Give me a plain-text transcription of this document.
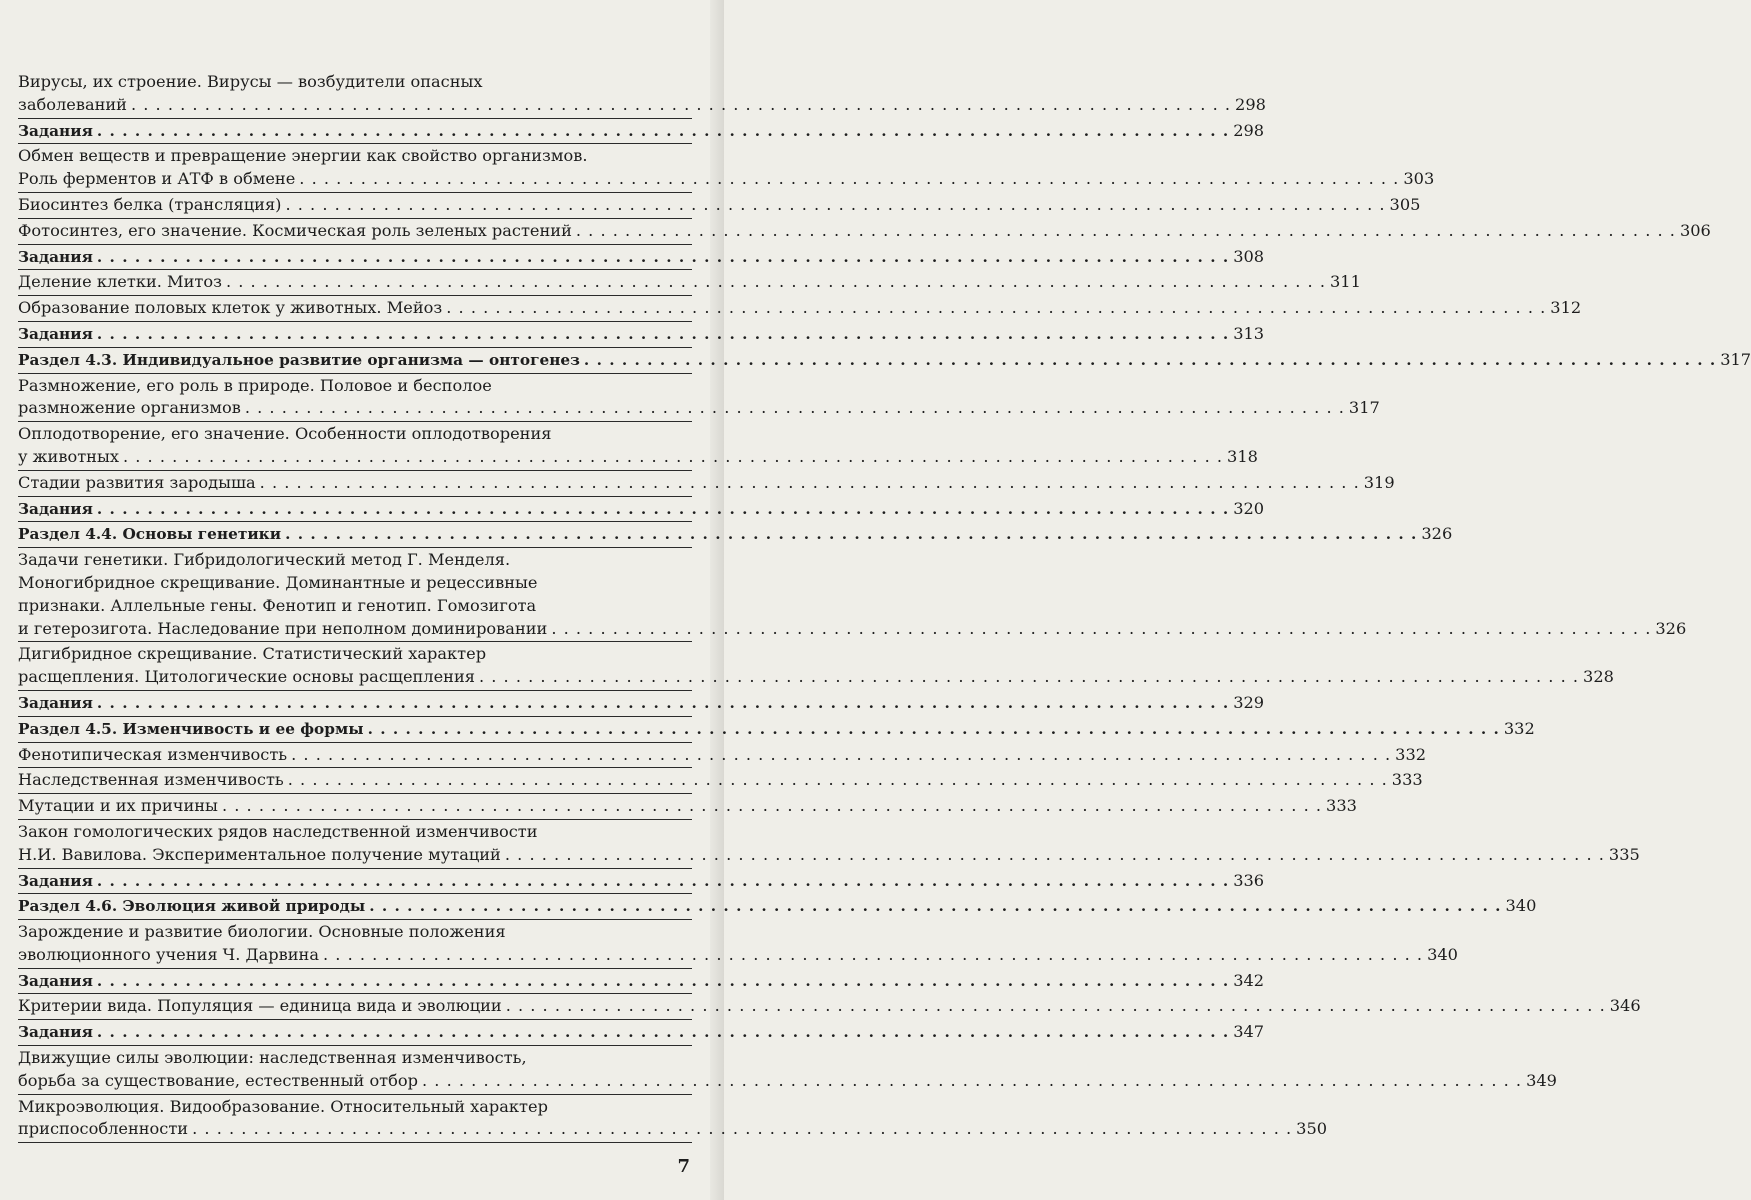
Вирусы, их строение. Вирусы — возбудители опасных
заболеваний . . . . . . . . . . . . . . . . . . . . . . . . . . . . . . . . . . . . . . . . . . . . . . . . . . . . . . . . . . . . . . . . . . . . . . . . . . . . . . . . . . . . . . . . . . 298
Задания . . . . . . . . . . . . . . . . . . . . . . . . . . . . . . . . . . . . . . . . . . . . . . . . . . . . . . . . . . . . . . . . . . . . . . . . . . . . . . . . . . . . . . . . . . 298
Обмен веществ и превращение энергии как свойство организмов.
Роль ферментов и АТФ в обмене . . . . . . . . . . . . . . . . . . . . . . . . . . . . . . . . . . . . . . . . . . . . . . . . . . . . . . . . . . . . . . . . . . . . . . . . . . . . . . . . . . . . . . . . . . 303
Биосинтез белка (трансляция) . . . . . . . . . . . . . . . . . . . . . . . . . . . . . . . . . . . . . . . . . . . . . . . . . . . . . . . . . . . . . . . . . . . . . . . . . . . . . . . . . . . . . . . . . . 305
Фотосинтез, его значение. Космическая роль зеленых растений . . . . . . . . . . . . . . . . . . . . . . . . . . . . . . . . . . . . . . . . . . . . . . . . . . . . . . . . . . . . . . . . . . . . . . . . . . . . . . . . . . . . . . . . . . 306
Задания . . . . . . . . . . . . . . . . . . . . . . . . . . . . . . . . . . . . . . . . . . . . . . . . . . . . . . . . . . . . . . . . . . . . . . . . . . . . . . . . . . . . . . . . . . 308
Деление клетки. Митоз . . . . . . . . . . . . . . . . . . . . . . . . . . . . . . . . . . . . . . . . . . . . . . . . . . . . . . . . . . . . . . . . . . . . . . . . . . . . . . . . . . . . . . . . . . 311
Образование половых клеток у животных. Мейоз . . . . . . . . . . . . . . . . . . . . . . . . . . . . . . . . . . . . . . . . . . . . . . . . . . . . . . . . . . . . . . . . . . . . . . . . . . . . . . . . . . . . . . . . . . 312
Задания . . . . . . . . . . . . . . . . . . . . . . . . . . . . . . . . . . . . . . . . . . . . . . . . . . . . . . . . . . . . . . . . . . . . . . . . . . . . . . . . . . . . . . . . . . 313
Раздел 4.3. Индивидуальное развитие организма — онтогенез . . . . . . . . . . . . . . . . . . . . . . . . . . . . . . . . . . . . . . . . . . . . . . . . . . . . . . . . . . . . . . . . . . . . . . . . . . . . . . . . . . . . . . . . . . 317
Размножение, его роль в природе. Половое и бесполое
размножение организмов . . . . . . . . . . . . . . . . . . . . . . . . . . . . . . . . . . . . . . . . . . . . . . . . . . . . . . . . . . . . . . . . . . . . . . . . . . . . . . . . . . . . . . . . . . 317
Оплодотворение, его значение. Особенности оплодотворения
у животных . . . . . . . . . . . . . . . . . . . . . . . . . . . . . . . . . . . . . . . . . . . . . . . . . . . . . . . . . . . . . . . . . . . . . . . . . . . . . . . . . . . . . . . . . . 318
Стадии развития зародыша . . . . . . . . . . . . . . . . . . . . . . . . . . . . . . . . . . . . . . . . . . . . . . . . . . . . . . . . . . . . . . . . . . . . . . . . . . . . . . . . . . . . . . . . . . 319
Задания . . . . . . . . . . . . . . . . . . . . . . . . . . . . . . . . . . . . . . . . . . . . . . . . . . . . . . . . . . . . . . . . . . . . . . . . . . . . . . . . . . . . . . . . . . 320
Раздел 4.4. Основы генетики . . . . . . . . . . . . . . . . . . . . . . . . . . . . . . . . . . . . . . . . . . . . . . . . . . . . . . . . . . . . . . . . . . . . . . . . . . . . . . . . . . . . . . . . . . 326
Задачи генетики. Гибридологический метод Г. Менделя.
Моногибридное скрещивание. Доминантные и рецессивные
признаки. Аллельные гены. Фенотип и генотип. Гомозигота
и гетерозигота. Наследование при неполном доминировании . . . . . . . . . . . . . . . . . . . . . . . . . . . . . . . . . . . . . . . . . . . . . . . . . . . . . . . . . . . . . . . . . . . . . . . . . . . . . . . . . . . . . . . . . . 326
Дигибридное скрещивание. Статистический характер
расщепления. Цитологические основы расщепления . . . . . . . . . . . . . . . . . . . . . . . . . . . . . . . . . . . . . . . . . . . . . . . . . . . . . . . . . . . . . . . . . . . . . . . . . . . . . . . . . . . . . . . . . . 328
Задания . . . . . . . . . . . . . . . . . . . . . . . . . . . . . . . . . . . . . . . . . . . . . . . . . . . . . . . . . . . . . . . . . . . . . . . . . . . . . . . . . . . . . . . . . . 329
Раздел 4.5. Изменчивость и ее формы . . . . . . . . . . . . . . . . . . . . . . . . . . . . . . . . . . . . . . . . . . . . . . . . . . . . . . . . . . . . . . . . . . . . . . . . . . . . . . . . . . . . . . . . . . 332
Фенотипическая изменчивость . . . . . . . . . . . . . . . . . . . . . . . . . . . . . . . . . . . . . . . . . . . . . . . . . . . . . . . . . . . . . . . . . . . . . . . . . . . . . . . . . . . . . . . . . . 332
Наследственная изменчивость . . . . . . . . . . . . . . . . . . . . . . . . . . . . . . . . . . . . . . . . . . . . . . . . . . . . . . . . . . . . . . . . . . . . . . . . . . . . . . . . . . . . . . . . . . 333
Мутации и их причины . . . . . . . . . . . . . . . . . . . . . . . . . . . . . . . . . . . . . . . . . . . . . . . . . . . . . . . . . . . . . . . . . . . . . . . . . . . . . . . . . . . . . . . . . . 333
Закон гомологических рядов наследственной изменчивости
Н.И. Вавилова. Экспериментальное получение мутаций . . . . . . . . . . . . . . . . . . . . . . . . . . . . . . . . . . . . . . . . . . . . . . . . . . . . . . . . . . . . . . . . . . . . . . . . . . . . . . . . . . . . . . . . . . 335
Задания . . . . . . . . . . . . . . . . . . . . . . . . . . . . . . . . . . . . . . . . . . . . . . . . . . . . . . . . . . . . . . . . . . . . . . . . . . . . . . . . . . . . . . . . . . 336
Раздел 4.6. Эволюция живой природы . . . . . . . . . . . . . . . . . . . . . . . . . . . . . . . . . . . . . . . . . . . . . . . . . . . . . . . . . . . . . . . . . . . . . . . . . . . . . . . . . . . . . . . . . . 340
Зарождение и развитие биологии. Основные положения
эволюционного учения Ч. Дарвина . . . . . . . . . . . . . . . . . . . . . . . . . . . . . . . . . . . . . . . . . . . . . . . . . . . . . . . . . . . . . . . . . . . . . . . . . . . . . . . . . . . . . . . . . . 340
Задания . . . . . . . . . . . . . . . . . . . . . . . . . . . . . . . . . . . . . . . . . . . . . . . . . . . . . . . . . . . . . . . . . . . . . . . . . . . . . . . . . . . . . . . . . . 342
Критерии вида. Популяция — единица вида и эволюции . . . . . . . . . . . . . . . . . . . . . . . . . . . . . . . . . . . . . . . . . . . . . . . . . . . . . . . . . . . . . . . . . . . . . . . . . . . . . . . . . . . . . . . . . . 346
Задания . . . . . . . . . . . . . . . . . . . . . . . . . . . . . . . . . . . . . . . . . . . . . . . . . . . . . . . . . . . . . . . . . . . . . . . . . . . . . . . . . . . . . . . . . . 347
Движущие силы эволюции: наследственная изменчивость,
борьба за существование, естественный отбор . . . . . . . . . . . . . . . . . . . . . . . . . . . . . . . . . . . . . . . . . . . . . . . . . . . . . . . . . . . . . . . . . . . . . . . . . . . . . . . . . . . . . . . . . . 349
Микроэволюция. Видообразование. Относительный характер
приспособленности . . . . . . . . . . . . . . . . . . . . . . . . . . . . . . . . . . . . . . . . . . . . . . . . . . . . . . . . . . . . . . . . . . . . . . . . . . . . . . . . . . . . . . . . . . 350
7
